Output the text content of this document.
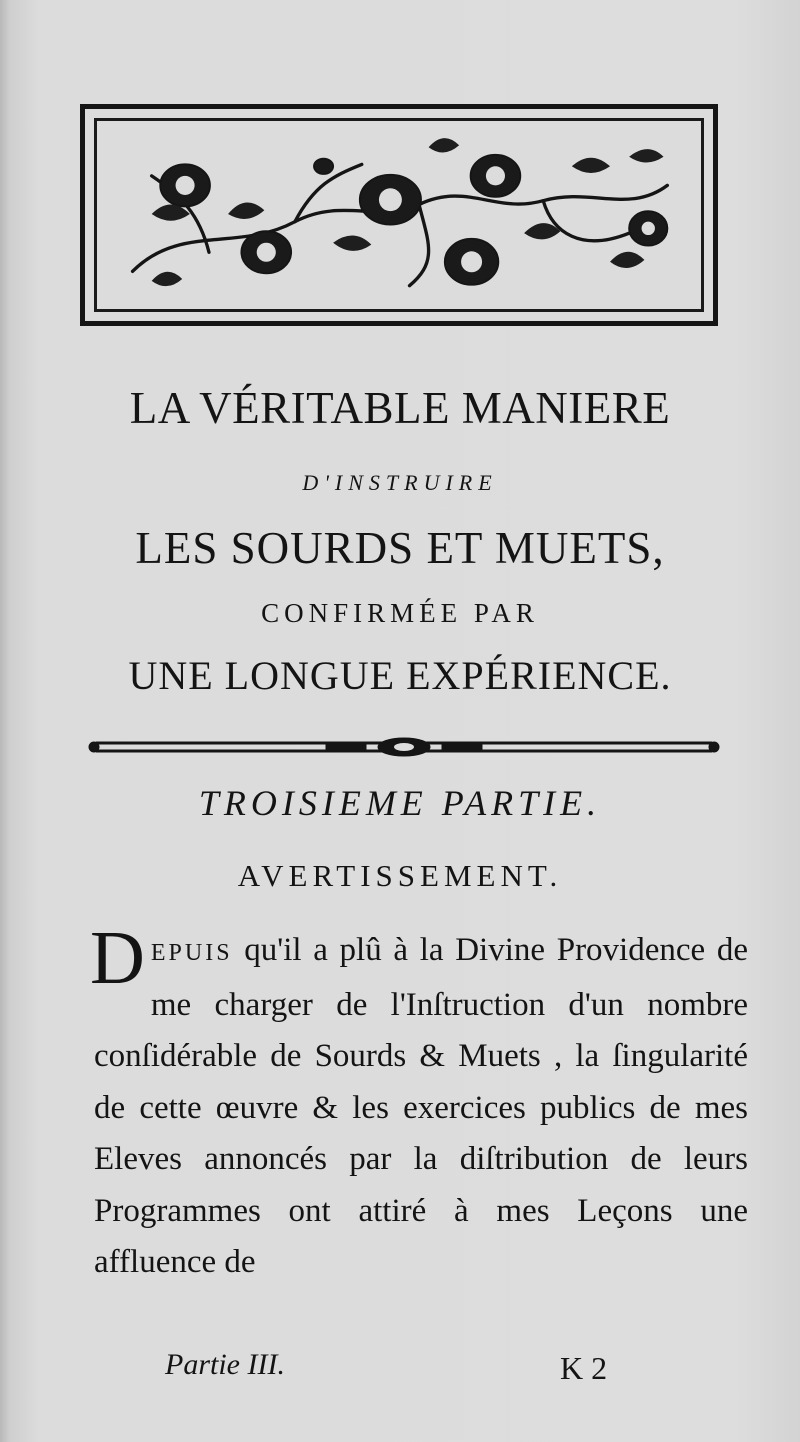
LA VÉRITABLE MANIERE
D'INSTRUIRE
LES SOURDS ET MUETS,
CONFIRMÉE PAR
UNE LONGUE EXPÉRIENCE.
TROISIEME PARTIE.
AVERTISSEMENT.

DEPUIS qu'il a plû à la Divine Providence de me charger de l'Inſtruction d'un nombre conſidérable de Sourds & Muets , la ſingularité de cette œuvre & les exercices publics de mes Eleves annoncés par la diſtribution de leurs Programmes ont attiré à mes Leçons une affluence de

Partie III.	K 2
